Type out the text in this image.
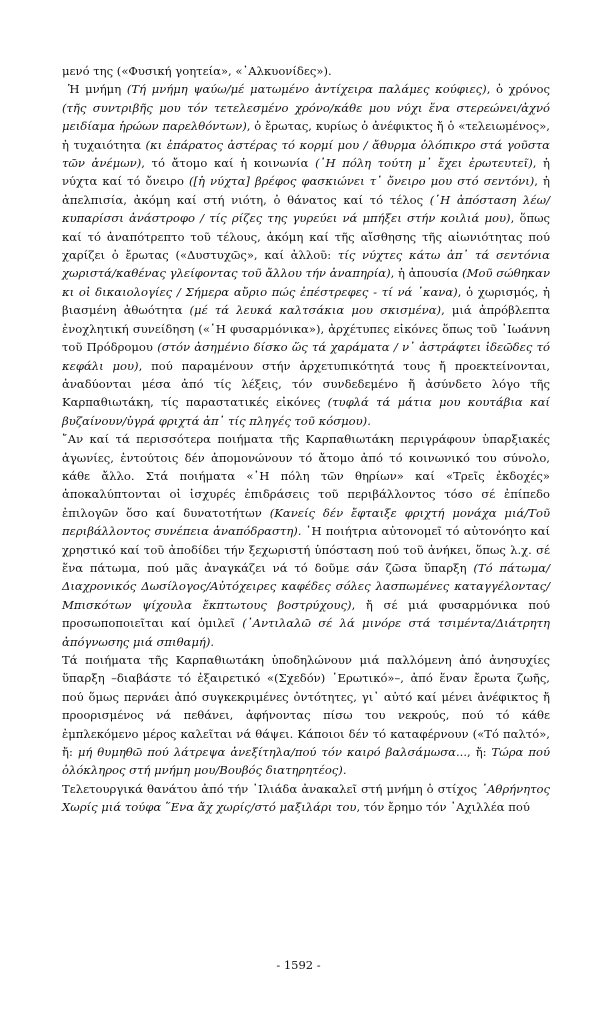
μενό της («Φυσική γοητεία», «᾽Αλκυονίδες»).

Ἡ μνήμη (Τή μνήμη ψαύω/μέ ματωμένο ἀντίχειρα παλάμες κούφιες), ὁ χρόνος (τῆς συντριβῆς μου τόν τετελεσμένο χρόνο/κάθε μου νύχι ἕνα στερεώνει/ἀχνό μειδίαμα ἡρώων παρελθόντων), ὁ ἔρωτας, κυρίως ὁ ἀνέφικτος ἤ ὁ «τελειωμένος», ἡ τυχαιότητα (κι ἐπάρατος ἀστέρας τό κορμί μου / ἄθυρμα ὁλόπικρο στά γοῦστα τῶν ἀνέμων), τό ἄτομο καί ἡ κοινωνία (῾Η πόλη τούτη μ᾽ ἔχει ἐρωτευτεῖ), ἡ νύχτα καί τό ὄνειρο ([ἡ νύχτα] βρέφος φασκιώνει τ᾽ ὄνειρο μου στό σεντόνι), ἡ ἀπελπισία, ἀκόμη καί στή νιότη, ὁ θάνατος καί τό τέλος (῾Η ἀπόσταση λέω/κυπαρίσσι ἀνάστροφο / τίς ρίζες της γυρεύει νά μπήξει στήν κοιλιά μου), ὅπως καί τό ἀναπότρεπτο τοῦ τέλους, ἀκόμη καί τῆς αἴσθησης τῆς αἰωνιότητας πού χαρίζει ὁ ἔρωτας («Δυστυχῶς», καί ἀλλοῦ: τίς νύχτες κάτω ἀπ᾽ τά σεντόνια χωριστά/καθένας γλείφοντας τοῦ ἄλλου τήν ἀναπηρία), ἡ ἀπουσία (Μοῦ σώθηκαν κι οἱ δικαιολογίες / Σήμερα αὔριο πώς ἐπέστρεφες - τί νά ᾽κανα), ὁ χωρισμός, ἡ βιασμένη ἀθωότητα (μέ τά λευκά καλτσάκια μου σκισμένα), μιά ἀπρόβλεπτα ἐνοχλητική συνείδηση («῾Η φυσαρμόνικα»), ἀρχέτυπες εἰκόνες ὅπως τοῦ ᾽Ιωάννη τοῦ Πρόδρομου (στόν ἀσημένιο δίσκο ὥς τά χαράματα / ν᾽ ἀστράφτει ἰδεῶδες τό κεφάλι μου), πού παραμένουν στήν ἀρχετυπικότητά τους ἤ προεκτείνονται, ἀναδύονται μέσα ἀπό τίς λέξεις, τόν συνδεδεμένο ἤ ἀσύνδετο λόγο τῆς Καρπαθιωτάκη, τίς παραστατικές εἰκόνες (τυφλά τά μάτια μου κουτάβια καί βυζαίνουν/ὑγρά φριχτά ἀπ᾽ τίς πληγές τοῦ κόσμου).

῎Αν καί τά περισσότερα ποιήματα τῆς Καρπαθιωτάκη περιγράφουν ὑπαρξιακές ἀγωνίες, ἐντούτοις δέν ἀπομονώνουν τό ἄτομο ἀπό τό κοινωνικό του σύνολο, κάθε ἄλλο. Στά ποιήματα «῾Η πόλη τῶν θηρίων» καί «Τρεῖς ἐκδοχές» ἀποκαλύπτονται οἱ ἰσχυρές ἐπιδράσεις τοῦ περιβάλλοντος τόσο σέ ἐπίπεδο ἐπιλογῶν ὅσο καί δυνατοτήτων (Κανείς δέν ἔφταιξε φριχτή μονάχα μιά/Τοῦ περιβάλλοντος συνέπεια ἀναπόδραστη). ῾Η ποιήτρια αὐτονομεῖ τό αὐτονόητο καί χρηστικό καί τοῦ ἀποδίδει τήν ξεχωριστή ὑπόσταση πού τοῦ ἀνήκει, ὅπως λ.χ. σέ ἕνα πάτωμα, πού μᾶς ἀναγκάζει νά τό δοῦμε σάν ζῶσα ὕπαρξη (Τό πάτωμα/Διαχρονικός Δωσίλογος/Αὐτόχειρες καφέδες σόλες λασπωμένες καταγγέλοντας/Μπισκότων ψίχουλα ἔκπτωτους βοστρύχους), ἤ σέ μιά φυσαρμόνικα πού προσωποποιεῖται καί ὁμιλεῖ (᾽Αντιλαλῶ σέ λά μινόρε στά τσιμέντα/Διάτρητη ἀπόγνωσης μιά σπιθαμή).

Τά ποιήματα τῆς Καρπαθιωτάκη ὑποδηλώνουν μιά παλλόμενη ἀπό ἀνησυχίες ὕπαρξη –διαβάστε τό ἐξαιρετικό «(Σχεδόν) ᾽Ερωτικό»–, ἀπό ἕναν ἔρωτα ζωῆς, πού ὅμως περνάει ἀπό συγκεκριμένες ὀντότητες, γι᾽ αὐτό καί μένει ἀνέφικτος ἤ προορισμένος νά πεθάνει, ἀφήνοντας πίσω του νεκρούς, πού τό κάθε ἐμπλεκόμενο μέρος καλεῖται νά θάψει. Κάποιοι δέν τό καταφέρνουν («Τό παλτό», ἤ: μή θυμηθῶ πού λάτρεψα ἀνεξίτηλα/πού τόν καιρό βαλσάμωσα..., ἤ: Τώρα πού ὁλόκληρος στή μνήμη μου/Βουβός διατηρητέος).

Τελετουργικά θανάτου ἀπό τήν ᾽Ιλιάδα ἀνακαλεῖ στή μνήμη ὁ στίχος ᾽Αθρήνητος Χωρίς μιά τούφα ῞Ενα ἄχ χωρίς/στό μαξιλάρι του, τόν ἔρημο τόν ᾽Αχιλλέα πού

- 1592 -
